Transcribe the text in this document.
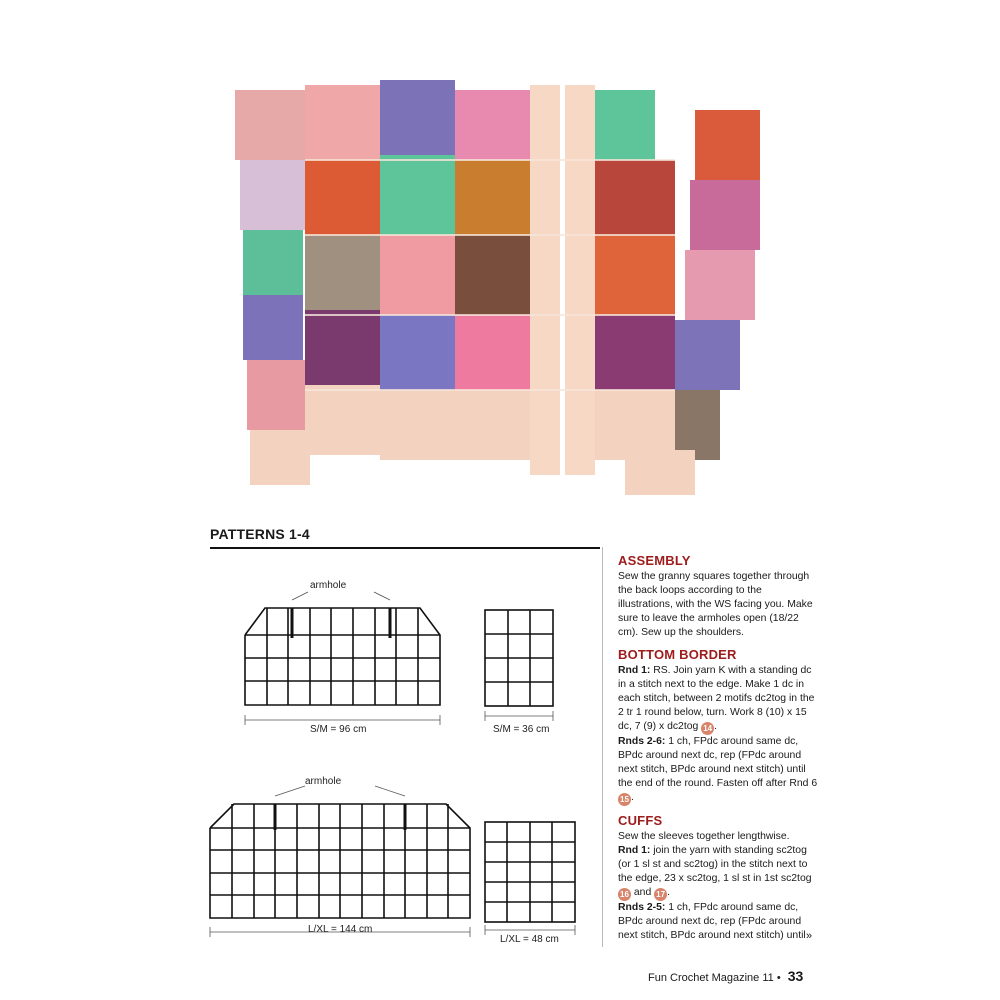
PATTERNS 1-4
armhole
S/M = 96 cm	S/M = 36 cm
armhole
L/XL = 144 cm
L/XL = 48 cm
ASSEMBLY

Sew the granny squares together through the back loops according to the illustrations, with the WS facing you. Make sure to leave the armholes open (18/22 cm). Sew up the shoulders.

BOTTOM BORDER

Rnd 1: RS. Join yarn K with a standing dc in a stitch next to the edge. Make 1 dc in each stitch, between 2 motifs dc2tog in the 2 tr 1 round below, turn. Work 8 (10) x 15 dc, 7 (9) x dc2tog 14 .

Rnds 2-6: 1 ch, FPdc around same dc, BPdc around next dc, rep (FPdc around next stitch, BPdc around next stitch) until the end of the round. Fasten off after Rnd 6 15 .

CUFFS

Sew the sleeves together lengthwise.

Rnd 1: join the yarn with standing sc2tog (or 1 sl st and sc2tog) in the stitch next to the edge, 23 x sc2tog, 1 sl st in 1st sc2tog 16 and 17 .

Rnds 2-5: 1 ch, FPdc around same dc, BPdc around next dc, rep (FPdc around next stitch, BPdc around next stitch) until »
Fun Crochet Magazine 11 • 33
